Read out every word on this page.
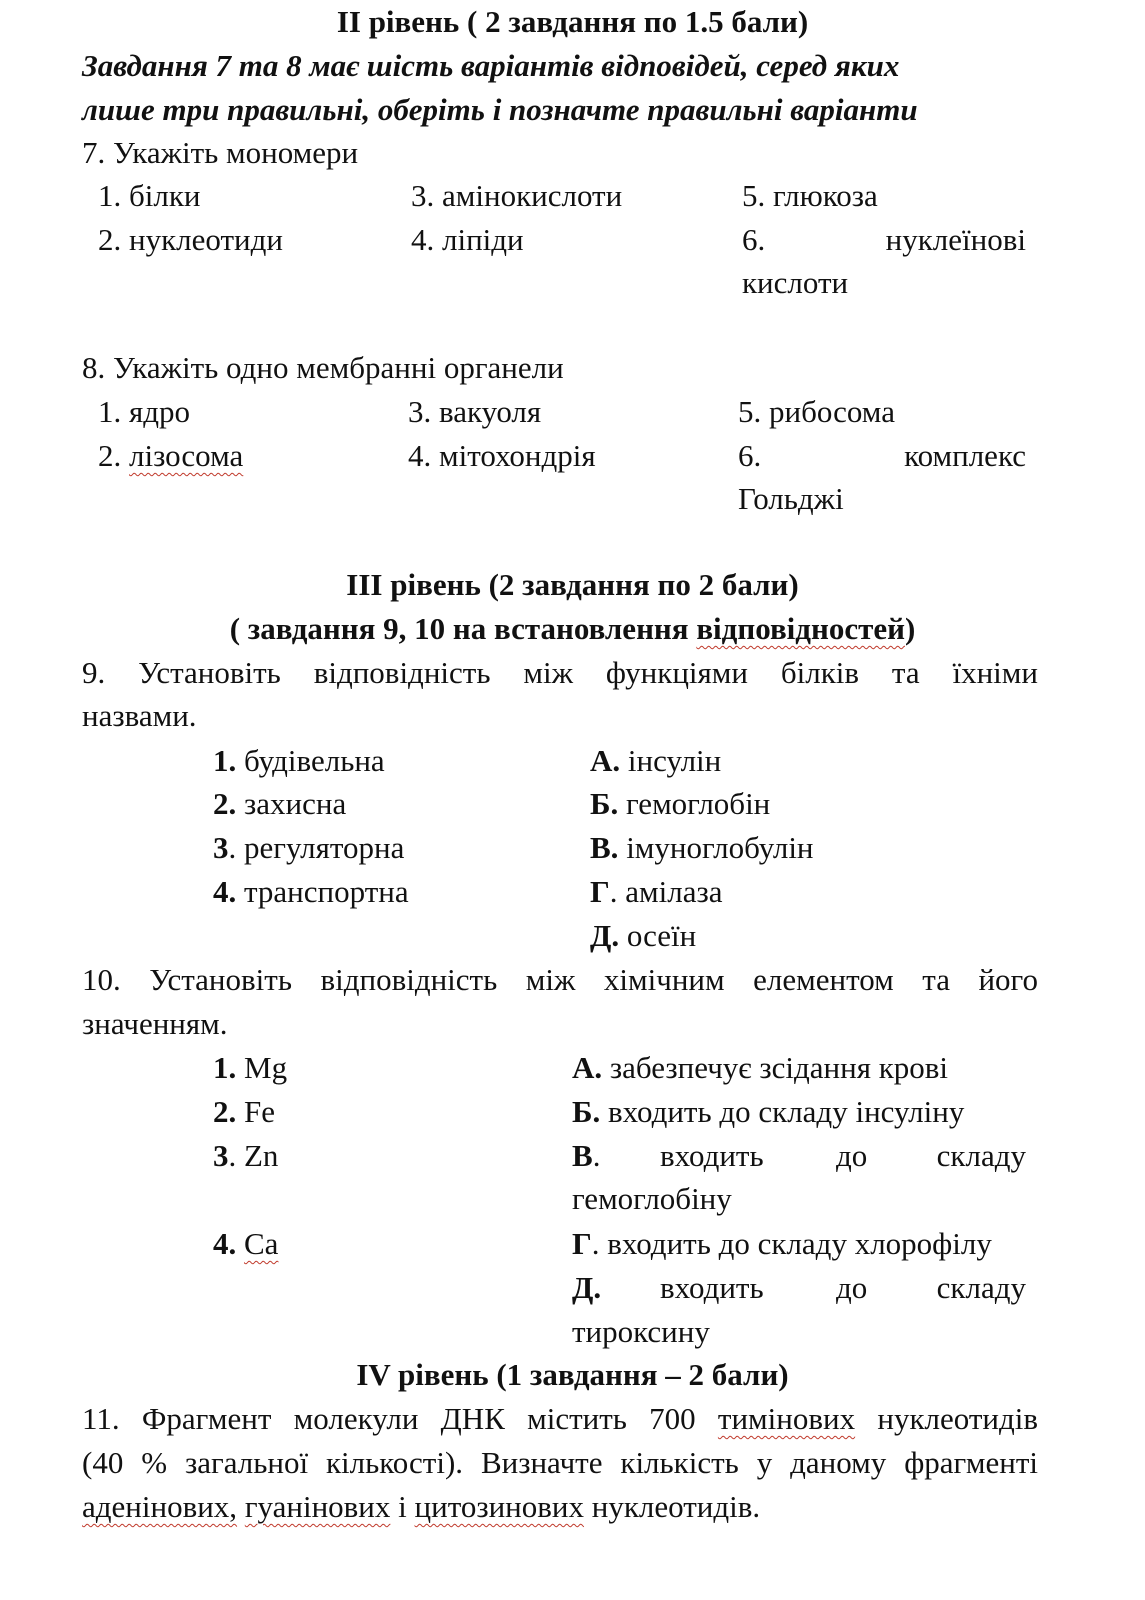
ІІ рівень ( 2 завдання по 1.5 бали)
Завдання 7 та 8 має шість варіантів відповідей, серед яких
лише три правильні, оберіть і позначте правильні варіанти
7. Укажіть мономери
1. білки
2. нуклеотиди
3. амінокислоти
4. ліпіди
5. глюкоза
6.	нуклеїнові
кислоти
8. Укажіть одно мембранні органели
1. ядро
2. лізосома
3. вакуоля
4. мітохондрія
5. рибосома
6.	комплекс
Гольджі
ІІІ рівень (2 завдання по 2 бали)
( завдання 9, 10 на встановлення відповідностей)
9. Установіть відповідність між функціями білків та їхніми
назвами.
1. будівельна
2. захисна
3. регуляторна
4. транспортна
А. інсулін
Б. гемоглобін
В. імуноглобулін
Г. амілаза
Д. осеїн
10. Установіть відповідність між хімічним елементом та його
значенням.
1. Mg
2. Fe
3. Zn
4. Ca
А. забезпечує зсідання крові
Б. входить до складу інсуліну
В. входить до складу
гемоглобіну
Г. входить до складу хлорофілу
Д. входить до складу
тироксину
ІV рівень (1 завдання – 2 бали)
11. Фрагмент молекули ДНК містить 700 тимінових нуклеотидів
(40 % загальної кількості). Визначте кількість у даному фрагменті
аденінових, гуанінових і цитозинових нуклеотидів.
